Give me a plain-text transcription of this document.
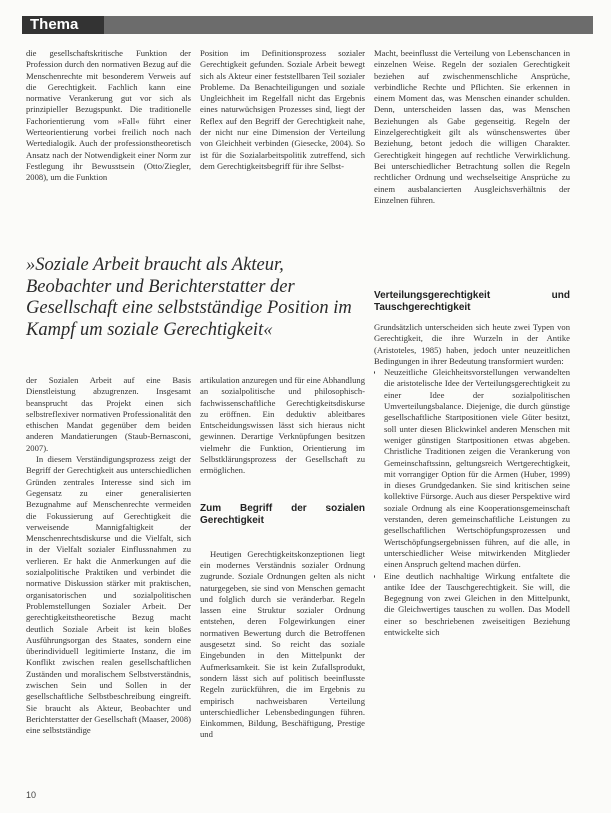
Thema

die gesellschaftskritische Funktion der Profession durch den normativen Bezug auf die Menschenrechte mit besonderem Verweis auf die Gerechtigkeit. Fachlich kann eine normative Verankerung gut vor sich als prinzipieller Bezugspunkt. Die traditionelle Fachorientierung vom »Fall« führt einer Werteorientierung vorbei freilich noch nach Wertedialogik. Auch der professionstheoretisch Ansatz nach der Notwendigkeit einer Norm zur Festlegung ihr Bewusstsein (Otto/Ziegler, 2008), um die Funktion

Position im Definitionsprozess sozialer Gerechtigkeit gefunden. Soziale Arbeit bewegt sich als Akteur einer feststellbaren Teil sozialer Probleme. Da Benachteiligungen und soziale Ungleichheit im Regelfall nicht das Ergebnis eines naturwüchsigen Prozesses sind, liegt der Reflex auf den Begriff der Gerechtigkeit nahe, der nicht nur eine Dimension der Verteilung von Gleichheit verbinden (Giesecke, 2004). So ist für die Sozialarbeitspolitik zutreffend, sich dem Gerechtigkeitsbegriff für ihre Selbst-

»Soziale Arbeit braucht als Akteur, Beobachter und Berichterstatter der Gesellschaft eine selbstständige Position im Kampf um soziale Gerechtigkeit«

Macht, beeinflusst die Verteilung von Lebenschancen in einzelnen Weise. Regeln der sozialen Gerechtigkeit beziehen auf zwischenmenschliche Ansprüche, verbindliche Rechte und Pflichten. Sie erkennen in einem Moment das, was Menschen einander schulden. Denn, unterscheiden lassen das, was Menschen Beziehungen als Gabe gegenseitig. Regeln der Einzelgerechtigkeit gilt als wünschenswertes über Beziehung, betont jedoch die willigen Charakter. Gerechtigkeit hingegen auf rechtliche Verwirklichung. Bei unterschiedlicher Betrachtung sollen die Regeln rechtlicher Ordnung und wechselseitige Ansprüche zu einem ausbalancierten Ausgleichsverhältnis der Einzelnen führen.

Verteilungsgerechtigkeit und Tauschgerechtigkeit

Grundsätzlich unterscheiden sich heute zwei Typen von Gerechtigkeit, die ihre Wurzeln in der Antike (Aristoteles, 1985) haben, jedoch unter neuzeitlichen Bedingungen in ihrer Bedeutung transformiert wurden:

• Neuzeitliche Gleichheitsvorstellungen verwandelten die aristotelische Idee der Verteilungsgerechtigkeit zu einer Idee der sozialpolitischen Umverteilungsbalance. Diejenige, die durch günstige gesellschaftliche Startpositionen viele Güter besitzt, soll unter diesen Blickwinkel anderen Menschen mit weniger günstigen Startpositionen etwas abgeben. Christliche Traditionen zeigen die Verankerung von Gemeinschaftssinn, geltungsreich Wertgerechtigkeit, mit vorrangiger Option für die Armen (Huber, 1999) in dieses Grundgedanken. Sie sind kritischen seine kollektive Fürsorge. Auch aus dieser Perspektive wird soziale Ordnung als eine Kooperationsgemeinschaft verstanden, deren gemeinschaftliche Leistungen zu gesellschaftlichen Wertschöpfungsprozessen und Wertschöpfungsergebnissen führen, auf die alle, in unterschiedlicher Weise mitwirkenden Mitglieder einen Anspruch geltend machen dürfen.
• Eine deutlich nachhaltige Wirkung entfaltete die antike Idee der Tauschgerechtigkeit. Sie will, die Begegnung von zwei Gleichen in den Mittelpunkt, die Gleichwertiges tauschen zu wollen. Das Modell einer so beschriebenen zweiseitigen Beziehung entwickelte sich

der Sozialen Arbeit auf eine Basis Dienstleistung abzugrenzen. Insgesamt beansprucht das Projekt einen sich selbstreflexiver normativen Professionalität den ethischen Mandat gegenüber dem beiden anderen Mandatierungen (Staub-Bernasconi, 2007).

In diesem Verständigungsprozess zeigt der Begriff der Gerechtigkeit aus unterschiedlichen Gründen zentrales Interesse sind sich im Gegensatz zu einer generalisierten Bezugnahme auf Menschenrechte vermeiden die Fokussierung auf Gerechtigkeit die verweisende Mannigfaltigkeit der Menschenrechtsdiskurse und die Vielfalt, sich in der Vielfalt sozialer Einflussnahmen zu verlieren. Er hakt die Anmerkungen auf die sozialpolitische Praktiken und verbindet die normative Diskussion stärker mit praktischen, organisatorischen und sozialpolitischen Problemstellungen Sozialer Arbeit. Der gerechtigkeitstheoretische Bezug macht deutlich Soziale Arbeit ist kein bloßes Ausführungsorgan des Staates, sondern eine überindividuell legitimierte Instanz, die im Konflikt zwischen realen gesellschaftlichen Zuständen und moralischem Selbstverständnis, zwischen Sein und Sollen in der gesellschaftliche Selbstbeschreibung eingreift. Sie braucht als Akteur, Beobachter und Berichterstatter der Gesellschaft (Maaser, 2008) eine selbstständige

artikulation anzuregen und für eine Abhandlung an sozialpolitische und philosophisch-fachwissenschaftliche Gerechtigkeitsdiskurse zu eröffnen. Ein deduktiv ableitbares Entscheidungswissen lässt sich hieraus nicht gewinnen. Derartige Verknüpfungen besitzen vielmehr die Funktion, Orientierung im Selbstklärungsprozess der Gesellschaft zu ermöglichen.

Zum Begriff der sozialen Gerechtigkeit

Heutigen Gerechtigkeitskonzeptionen liegt ein modernes Verständnis sozialer Ordnung zugrunde. Soziale Ordnungen gelten als nicht naturgegeben, sie sind von Menschen gemacht und folglich durch sie veränderbar. Regeln lassen eine Struktur sozialer Ordnung entstehen, deren Folgewirkungen einer normativen Bewertung durch die Betroffenen ausgesetzt sind. So reicht das soziale Eingebunden in den Mittelpunkt der Aufmerksamkeit. Sie ist kein Zufallsprodukt, sondern lässt sich auf politisch beeinflusste Regeln zurückführen, die im Ergebnis zu empirisch nachweisbaren Verteilung unterschiedlicher Lebensbedingungen führen. Einkommen, Bildung, Beschäftigung, Prestige und

10
